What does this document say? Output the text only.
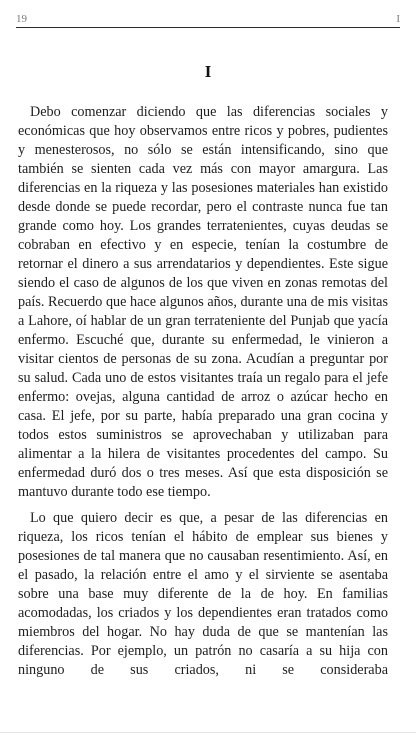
19	I
I

Debo comenzar diciendo que las diferencias sociales y económicas que hoy observamos entre ricos y pobres, pudientes y menesterosos, no sólo se están intensificando, sino que también se sienten cada vez más con mayor amargura. Las diferencias en la riqueza y las posesiones materiales han existido desde donde se puede recordar, pero el contraste nunca fue tan grande como hoy. Los grandes terratenientes, cuyas deudas se cobraban en efectivo y en especie, tenían la costumbre de retornar el dinero a sus arrendatarios y dependientes. Este sigue siendo el caso de algunos de los que viven en zonas remotas del país. Recuerdo que hace algunos años, durante una de mis visitas a Lahore, oí hablar de un gran terrateniente del Punjab que yacía enfermo. Escuché que, durante su enfermedad, le vinieron a visitar cientos de personas de su zona. Acudían a preguntar por su salud. Cada uno de estos visitantes traía un regalo para el jefe enfermo: ovejas, alguna cantidad de arroz o azúcar hecho en casa. El jefe, por su parte, había preparado una gran cocina y todos estos suministros se aprovechaban y utilizaban para alimentar a la hilera de visitantes procedentes del campo. Su enfermedad duró dos o tres meses. Así que esta disposición se mantuvo durante todo ese tiempo.

Lo que quiero decir es que, a pesar de las diferencias en riqueza, los ricos tenían el hábito de emplear sus bienes y posesiones de tal manera que no causaban resentimiento. Así, en el pasado, la relación entre el amo y el sirviente se asentaba sobre una base muy diferente de la de hoy. En familias acomodadas, los criados y los dependientes eran tratados como miembros del hogar. No hay duda de que se mantenían las diferencias. Por ejemplo, un patrón no casaría a su hija con ninguno de sus criados, ni se consideraba
